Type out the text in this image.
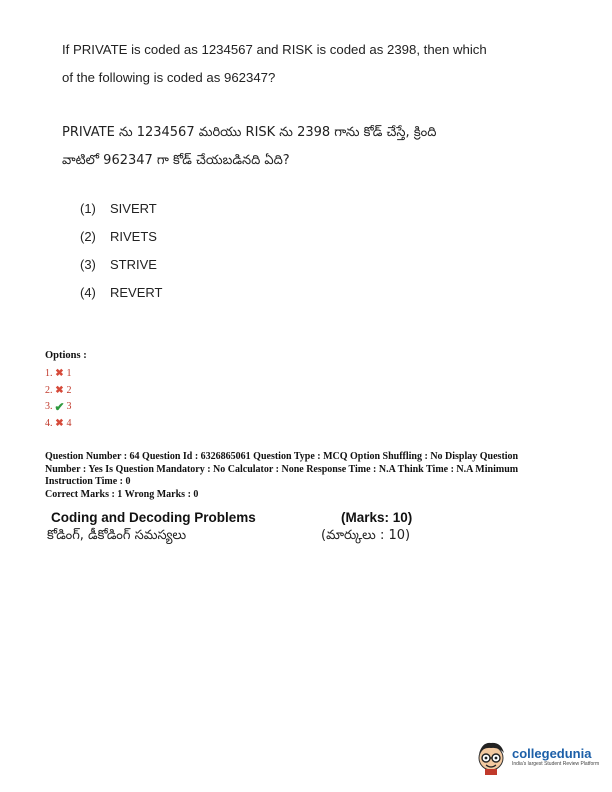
If PRIVATE is coded as 1234567 and RISK is coded as 2398, then which
of the following is coded as 962347?
PRIVATE ను 1234567 మరియు RISK ను 2398 గాను కోడ్ చేస్తే, క్రింది
వాటిలో 962347 గా కోడ్ చేయబడినది ఏది?
(1)	SIVERT
(2)	RIVETS
(3)	STRIVE
(4)	REVERT
Options :
1. ✖ 1
2. ✖ 2
3. ✔ 3
4. ✖ 4
Question Number : 64 Question Id : 6326865061 Question Type : MCQ Option Shuffling : No Display Question
Number : Yes Is Question Mandatory : No Calculator : None Response Time : N.A Think Time : N.A Minimum
Instruction Time : 0
Correct Marks : 1 Wrong Marks : 0
Coding and Decoding Problems	(Marks: 10)
కోడింగ్, డీకోడింగ్ సమస్యలు	(మార్కులు : 10)
collegedunia
India's largest Student Review Platform
